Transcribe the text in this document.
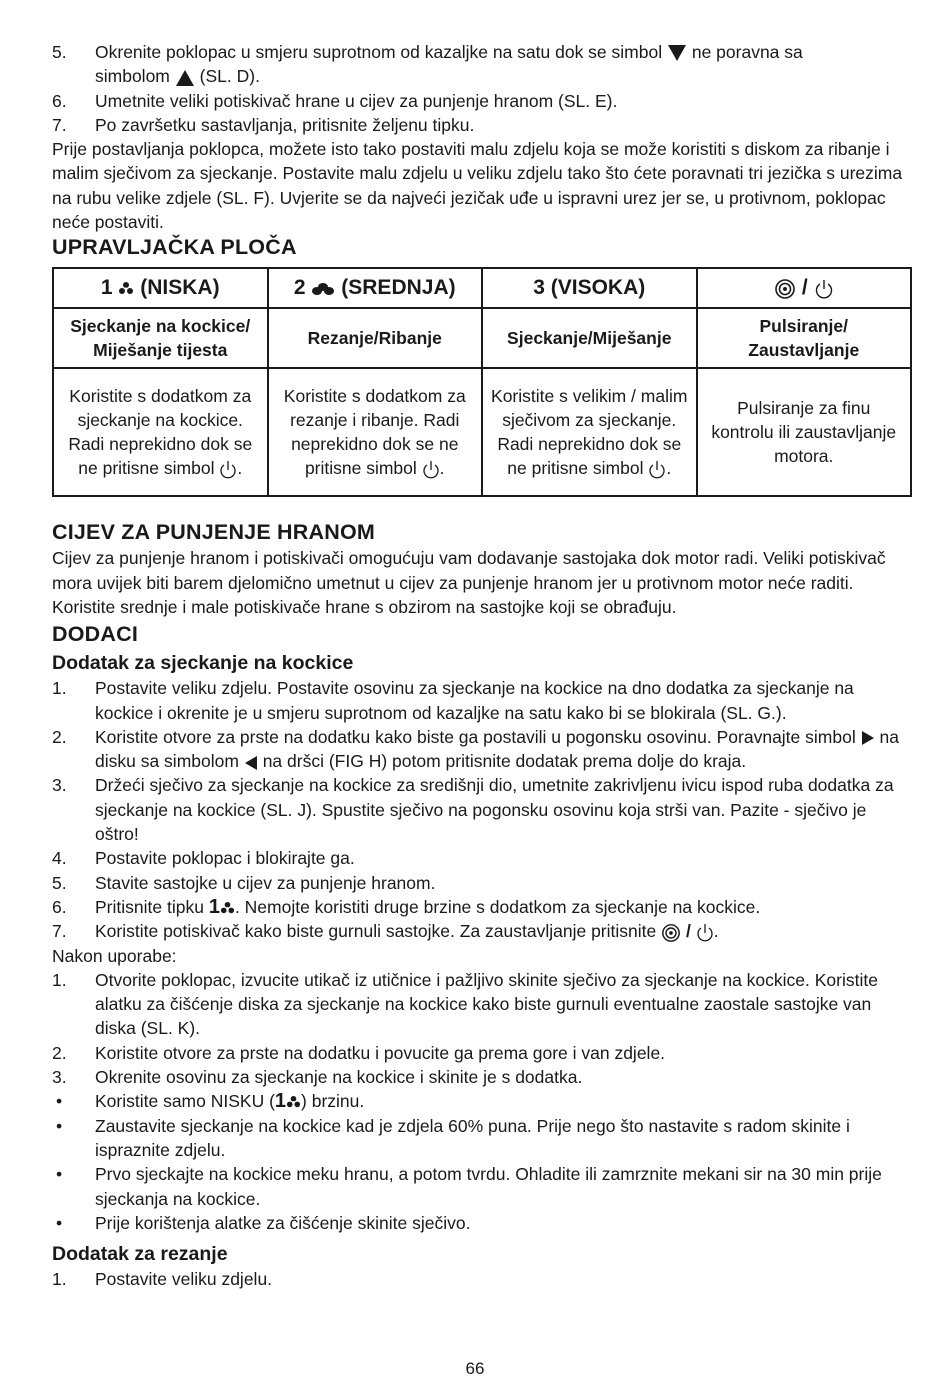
5.	Okrenite poklopac u smjeru suprotnom od kazaljke na satu dok se simbol ne poravna sa
simbolom (SL. D).
6.	Umetnite veliki potiskivač hrane u cijev za punjenje hranom (SL. E).
7.	Po završetku sastavljanja, pritisnite željenu tipku.

Prije postavljanja poklopca, možete isto tako postaviti malu zdjelu koja se može koristiti s diskom za ribanje i malim sječivom za sjeckanje. Postavite malu zdjelu u veliku zdjelu tako što ćete poravnati tri jezička s urezima na rubu velike zdjele (SL. F). Uvjerite se da najveći jezičak uđe u ispravni urez jer se, u protivnom, poklopac neće postaviti.

UPRAVLJAČKA PLOČA
1 (NISKA)	2 (SREDNJA)	3 (VISOKA)	/
Sjeckanje na kockice/ Miješanje tijesta	Rezanje/Ribanje	Sjeckanje/Miješanje	Pulsiranje/ Zaustavljanje
Koristite s dodatkom za sjeckanje na kockice. Radi neprekidno dok se ne pritisne simbol .	Koristite s dodatkom za rezanje i ribanje. Radi neprekidno dok se ne pritisne simbol .	Koristite s velikim / malim sječivom za sjeckanje. Radi neprekidno dok se ne pritisne simbol .	Pulsiranje za finu kontrolu ili zaustavljanje motora.
CIJEV ZA PUNJENJE HRANOM

Cijev za punjenje hranom i potiskivači omogućuju vam dodavanje sastojaka dok motor radi. Veliki potiskivač mora uvijek biti barem djelomično umetnut u cijev za punjenje hranom jer u protivnom motor neće raditi.

Koristite srednje i male potiskivače hrane s obzirom na sastojke koji se obrađuju.

DODACI
Dodatak za sjeckanje na kockice
1.	Postavite veliku zdjelu. Postavite osovinu za sjeckanje na kockice na dno dodatka za sjeckanje na kockice i okrenite je u smjeru suprotnom od kazaljke na satu kako bi se blokirala (SL. G.).
2.	Koristite otvore za prste na dodatku kako biste ga postavili u pogonsku osovinu. Poravnajte simbol na disku sa simbolom na dršci (FIG H) potom pritisnite dodatak prema dolje do kraja.
3.	Držeći sječivo za sjeckanje na kockice za središnji dio, umetnite zakrivljenu ivicu ispod ruba dodatka za sjeckanje na kockice (SL. J). Spustite sječivo na pogonsku osovinu koja strši van. Pazite - sječivo je oštro!
4.	Postavite poklopac i blokirajte ga.
5.	Stavite sastojke u cijev za punjenje hranom.
6.	Pritisnite tipku 1 . Nemojte koristiti druge brzine s dodatkom za sjeckanje na kockice.
7.	Koristite potiskivač kako biste gurnuli sastojke. Za zaustavljanje pritisnite / .

Nakon uporabe:

1.	Otvorite poklopac, izvucite utikač iz utičnice i pažljivo skinite sječivo za sjeckanje na kockice. Koristite alatku za čišćenje diska za sjeckanje na kockice kako biste gurnuli eventualne zaostale sastojke van diska (SL. K).
2.	Koristite otvore za prste na dodatku i povucite ga prema gore i van zdjele.
3.	Okrenite osovinu za sjeckanje na kockice i skinite je s dodatka.
•	Koristite samo NISKU (1 ) brzinu.
•	Zaustavite sjeckanje na kockice kad je zdjela 60% puna. Prije nego što nastavite s radom skinite i ispraznite zdjelu.
•	Prvo sjeckajte na kockice meku hranu, a potom tvrdu. Ohladite ili zamrznite mekani sir na 30 min prije sjeckanja na kockice.
•	Prije korištenja alatke za čišćenje skinite sječivo.
Dodatak za rezanje
1.	Postavite veliku zdjelu.
66
